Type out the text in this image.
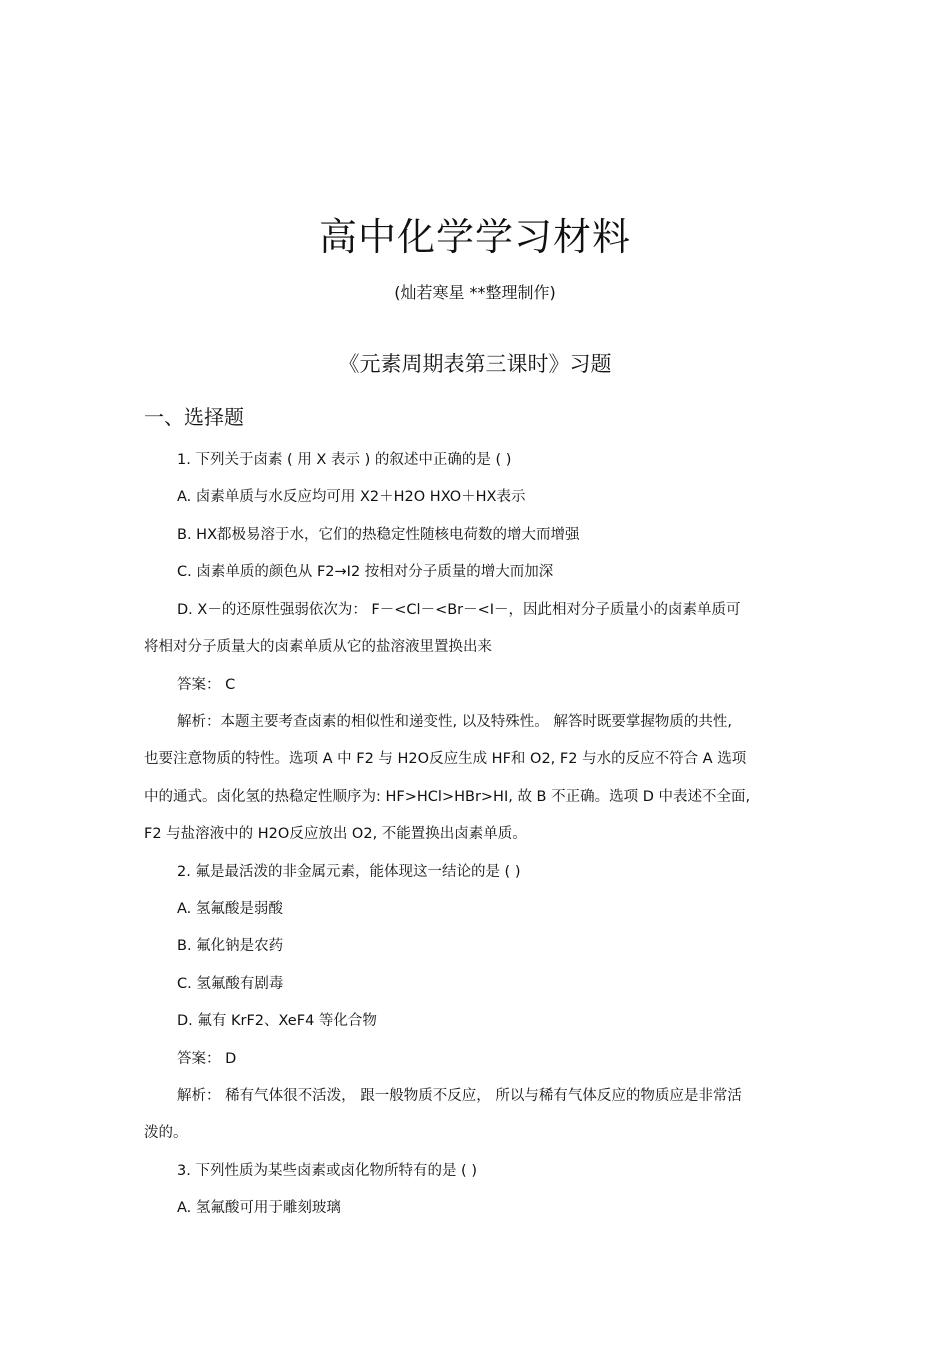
高中化学学习材料
(灿若寒星 **整理制作)
《元素周期表第三课时》习题
一、选择题
1. 下列关于卤素 ( 用 X 表示 ) 的叙述中正确的是 ( )
A. 卤素单质与水反应均可用 X2＋H2O HXO＋HX表示
B. HX都极易溶于水，它们的热稳定性随核电荷数的增大而增强
C. 卤素单质的颜色从 F2→I2 按相对分子质量的增大而加深
D. X－的还原性强弱依次为： F－<Cl－<Br－<I－，因此相对分子质量小的卤素单质可
将相对分子质量大的卤素单质从它的盐溶液里置换出来
答案： C
解析：本题主要考查卤素的相似性和递变性, 以及特殊性。 解答时既要掌握物质的共性,
也要注意物质的特性。选项 A 中 F2 与 H2O反应生成 HF和 O2, F2 与水的反应不符合 A 选项
中的通式。卤化氢的热稳定性顺序为: HF>HCl>HBr>HI, 故 B 不正确。选项 D 中表述不全面,
F2 与盐溶液中的 H2O反应放出 O2, 不能置换出卤素单质。
2. 氟是最活泼的非金属元素，能体现这一结论的是 ( )
A. 氢氟酸是弱酸
B. 氟化钠是农药
C. 氢氟酸有剧毒
D. 氟有 KrF2、XeF4 等化合物
答案： D
解析： 稀有气体很不活泼， 跟一般物质不反应， 所以与稀有气体反应的物质应是非常活
泼的。
3. 下列性质为某些卤素或卤化物所特有的是 ( )
A. 氢氟酸可用于雕刻玻璃
